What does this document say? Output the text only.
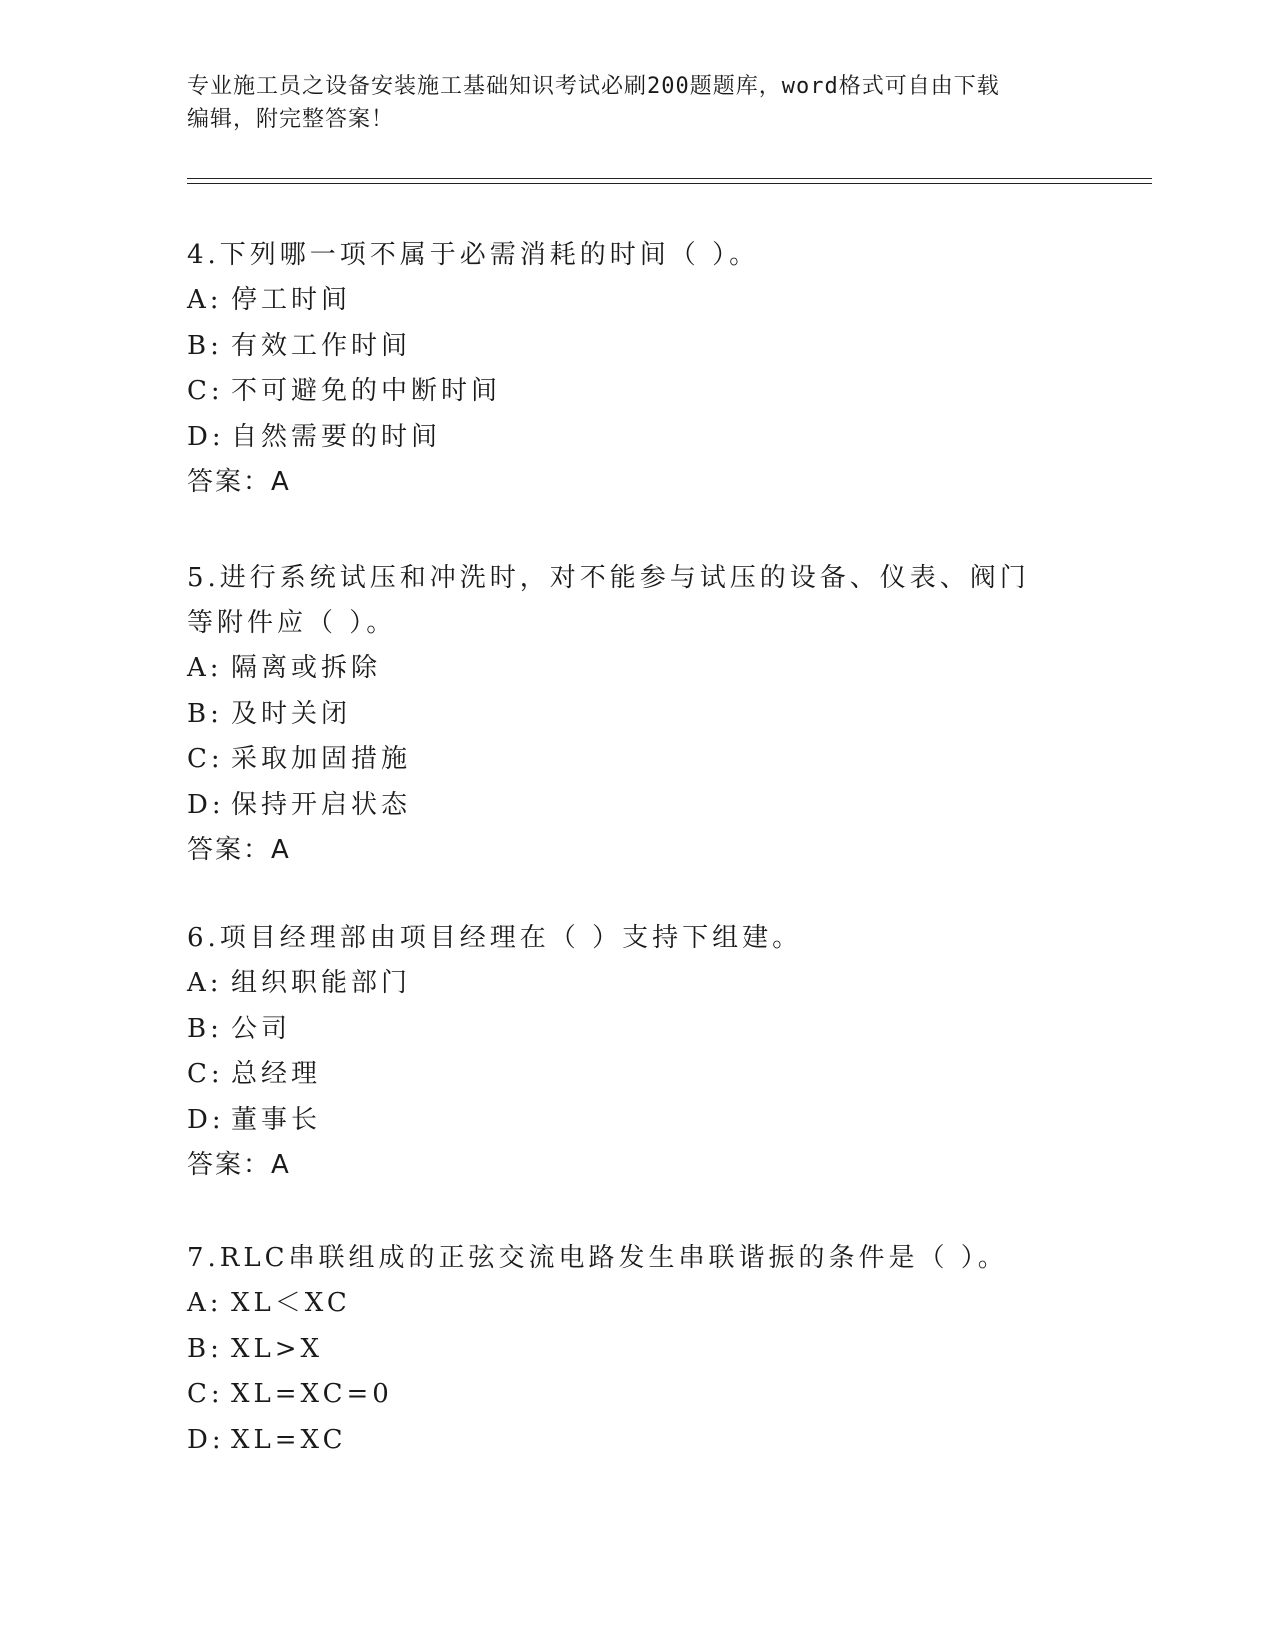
专业施工员之设备安装施工基础知识考试必刷200题题库，word格式可自由下载
编辑，附完整答案！
4.下列哪一项不属于必需消耗的时间（ ）。
A: 停工时间
B: 有效工作时间
C: 不可避免的中断时间
D: 自然需要的时间
答案：A
5.进行系统试压和冲洗时，对不能参与试压的设备、仪表、阀门等附件应（ ）。
A: 隔离或拆除
B: 及时关闭
C: 采取加固措施
D: 保持开启状态
答案：A
6.项目经理部由项目经理在（ ）支持下组建。
A: 组织职能部门
B: 公司
C: 总经理
D: 董事长
答案：A
7.RLC串联组成的正弦交流电路发生串联谐振的条件是（ ）。
A: XL＜XC
B: XL>X
C: XL=XC=0
D: XL=XC
